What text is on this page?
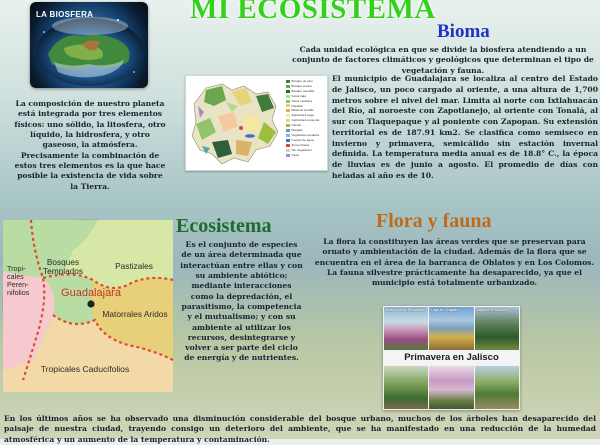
LA BIOSFERA	MI ECOSISTEMA
La composición de nuestro planeta está integrada por tres elementos físicos: uno sólido, la litosfera, otro líquido, la hidrosfera, y otro gaseoso, la atmósfera. Precisamente la combinación de estos tres elementos es la que hace posible la existencia de vida sobre la Tierra.
Bioma
Cada unidad ecológica en que se divide la biosfera atendiendo a un conjunto de factores climáticos y geológicos que determinan el tipo de vegetación y fauna.
Bosque de pino
Bosque encino
Bosque mesófilo
Selva baja
Selva mediana
Pastizal
Matorral xerófilo
Agricultura riego
Agricultura temporal
Palmar
Manglar
Vegetación acuática
Cuerpo de agua
Zona urbana
Sin vegetación
Otros
El municipio de Guadalajara se localiza al centro del Estado de Jalisco, un poco cargado al oriente, a una altura de 1,700 metros sobre el nivel del mar. Limita al norte con Ixtlahuacán del Río, al noroeste con Zapotlanejo, al oriente con Tonalá, al sur con Tlaquepaque y al poniente con Zapopan. Su extensión territorial es de 187.91 km2. Se clasifica como semiseco en invierno y primavera, semicálido sin estación invernal definida. La temperatura media anual es de 18.8° C., la época de lluvias es de junio a agosto. El promedio de días con heladas al año es de 10.
Bosques Templados	Pastizales
Tropi-cales Peren-nifolios	Guadalajara
Matorrales Aridos
Tropicales Caducifolios
Ecosistema
Es el conjunto de especies de un área determinada que interactúan entre ellas y con su ambiente abiótico; mediante interacciones como la depredación, el parasitismo, la competencia y el mutualismo; y con su ambiente al utilizar los recursos, desintegrarse y volver a ser parte del ciclo de energía y de nutrientes.
Flora y fauna

La flora la constituyen las áreas verdes que se preservan para ornato y ambientación de la ciudad. Además de la flora que se encuentra en el área de la barranca de Oblatos y en Los Colomos.

La fauna silvestre prácticamente ha desaparecido, ya que el municipio está totalmente urbanizado.

Bosque de la Primavera Lago de Chapala	Laguna de Sayula
Primavera en Jalisco
En los últimos años se ha observado una disminución considerable del bosque urbano, muchos de los árboles han desaparecido del paisaje de nuestra ciudad, trayendo consigo un deterioro del ambiente, que se ha manifestado en una reducción de la humedad atmosférica y un aumento de la temperatura y contaminación.
